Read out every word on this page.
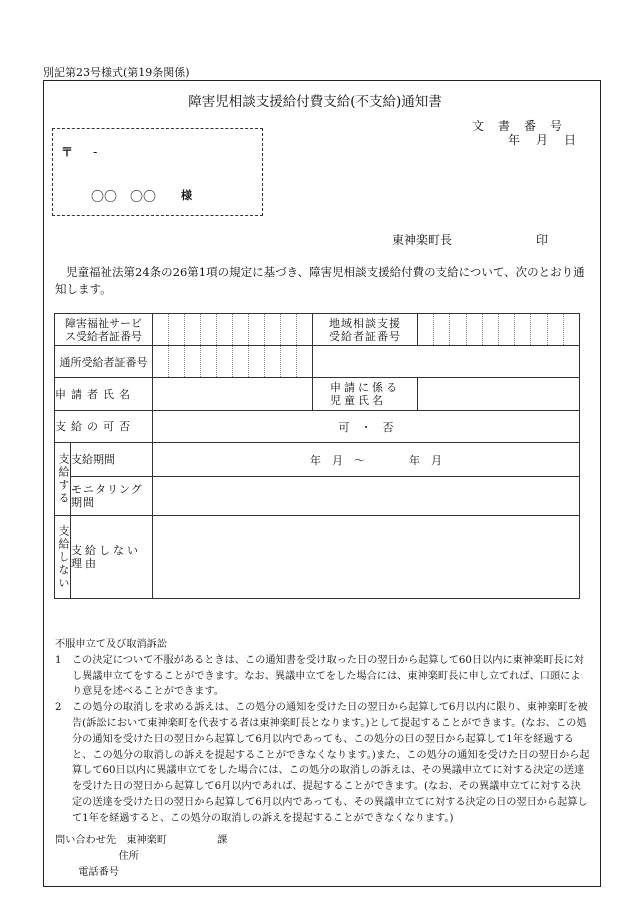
別記第23号様式(第19条関係)
障害児相談支援給付費支給(不支給)通知書
文　書　番　号
年　月　日
〒 -
〇〇　〇〇 様
東神楽町長	印
児童福祉法第24条の26第1項の規定に基づき、障害児相談支援給付費の支給について、次のとおり通知します。
障害福祉サービス受給者証番号			地域相談支援受給者証番号	

通所受給者証番号			

申請者氏名			申請に係る児童氏名	

支給の可否		可　・　否		

支給する	支給期間	年　月　～　　　　年　月		
	モニタリング期間			

支給しない	支給しない理由			

不服申立て及び取消訴訟

1	この決定について不服があるときは、この通知書を受け取った日の翌日から起算して60日以内に東神楽町長に対し異議申立てをすることができます。なお、異議申立てをした場合には、東神楽町長に申し立てれば、口頭により意見を述べることができます。
2	この処分の取消しを求める訴えは、この処分の通知を受けた日の翌日から起算して6月以内に限り、東神楽町を被告(訴訟において東神楽町を代表する者は東神楽町長となります。)として提起することができます。(なお、この処分の通知を受けた日の翌日から起算して6月以内であっても、この処分の日の翌日から起算して1年を経過すると、この処分の取消しの訴えを提起することができなくなります。)また、この処分の通知を受けた日の翌日から起算して60日以内に異議申立てをした場合には、この処分の取消しの訴えは、その異議申立てに対する決定の送達を受けた日の翌日から起算して6月以内であれば、提起することができます。(なお、その異議申立てに対する決定の送達を受けた日の翌日から起算して6月以内であっても、その異議申立てに対する決定の日の翌日から起算して1年を経過すると、この処分の取消しの訴えを提起することができなくなります。)
問い合わせ先　 東神楽町	課
住所
電話番号
